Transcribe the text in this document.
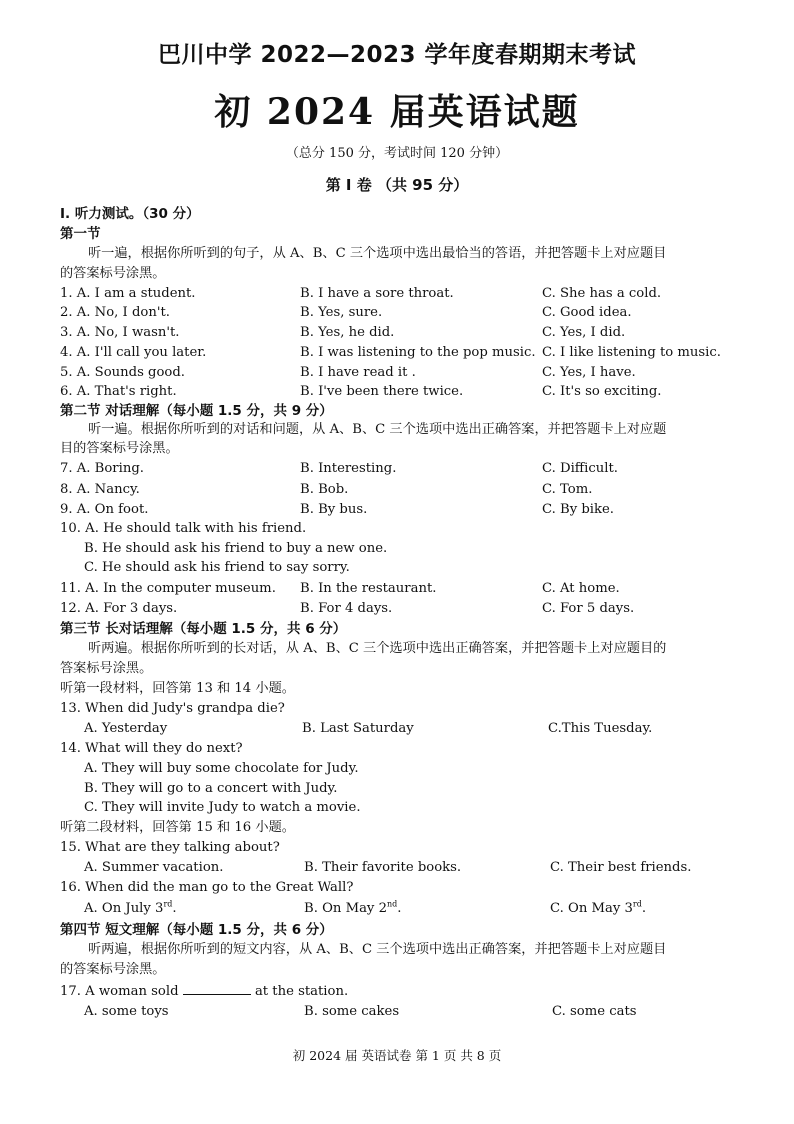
巴川中学 2022—2023 学年度春期期末考试
初 2024 届英语试题
（总分 150 分，考试时间 120 分钟）
第 Ⅰ 卷 （共 95 分）
Ⅰ. 听力测试。（30 分）
第一节
听一遍，根据你所听到的句子，从 A、B、C 三个选项中选出最恰当的答语，并把答题卡上对应题目
的答案标号涂黑。
1. A. I am a student.	B. I have a sore throat.	C. She has a cold.
2. A. No, I don't.	B. Yes, sure.	C. Good idea.
3. A. No, I wasn't.	B. Yes, he did.	C. Yes, I did.
4. A. I'll call you later.	B. I was listening to the pop music. C. I like listening to music.
5. A. Sounds good.	B. I have read it .	C. Yes, I have.
6. A. That's right.	B. I've been there twice.	C. It's so exciting.
第二节 对话理解（每小题 1.5 分，共 9 分）
听一遍。根据你所听到的对话和问题，从 A、B、C 三个选项中选出正确答案，并把答题卡上对应题
目的答案标号涂黑。
7. A. Boring.	B. Interesting.	C. Difficult.
8. A. Nancy.	B. Bob.	C. Tom.
9. A. On foot.	B. By bus.	C. By bike.
10. A. He should talk with his friend.
B. He should ask his friend to buy a new one.
C. He should ask his friend to say sorry.
11. A. In the computer museum. B. In the restaurant.	C. At home.
12. A. For 3 days.	B. For 4 days.	C. For 5 days.
第三节 长对话理解（每小题 1.5 分，共 6 分）
听两遍。根据你所听到的长对话，从 A、B、C 三个选项中选出正确答案，并把答题卡上对应题目的
答案标号涂黑。
听第一段材料，回答第 13 和 14 小题。
13. When did Judy's grandpa die?
A. Yesterday	B. Last Saturday	C.This Tuesday.
14. What will they do next?
A. They will buy some chocolate for Judy.
B. They will go to a concert with Judy.
C. They will invite Judy to watch a movie.
听第二段材料，回答第 15 和 16 小题。
15. What are they talking about?
A. Summer vacation.	B. Their favorite books.	C. Their best friends.
16. When did the man go to the Great Wall?
A. On July 3rd.	B. On May 2nd.	C. On May 3rd.
第四节 短文理解（每小题 1.5 分，共 6 分）
听两遍，根据你所听到的短文内容，从 A、B、C 三个选项中选出正确答案，并把答题卡上对应题目
的答案标号涂黑。
17. A woman sold	at the station.
A. some toys	B. some cakes	C. some cats
初 2024 届 英语试卷 第 1 页 共 8 页
